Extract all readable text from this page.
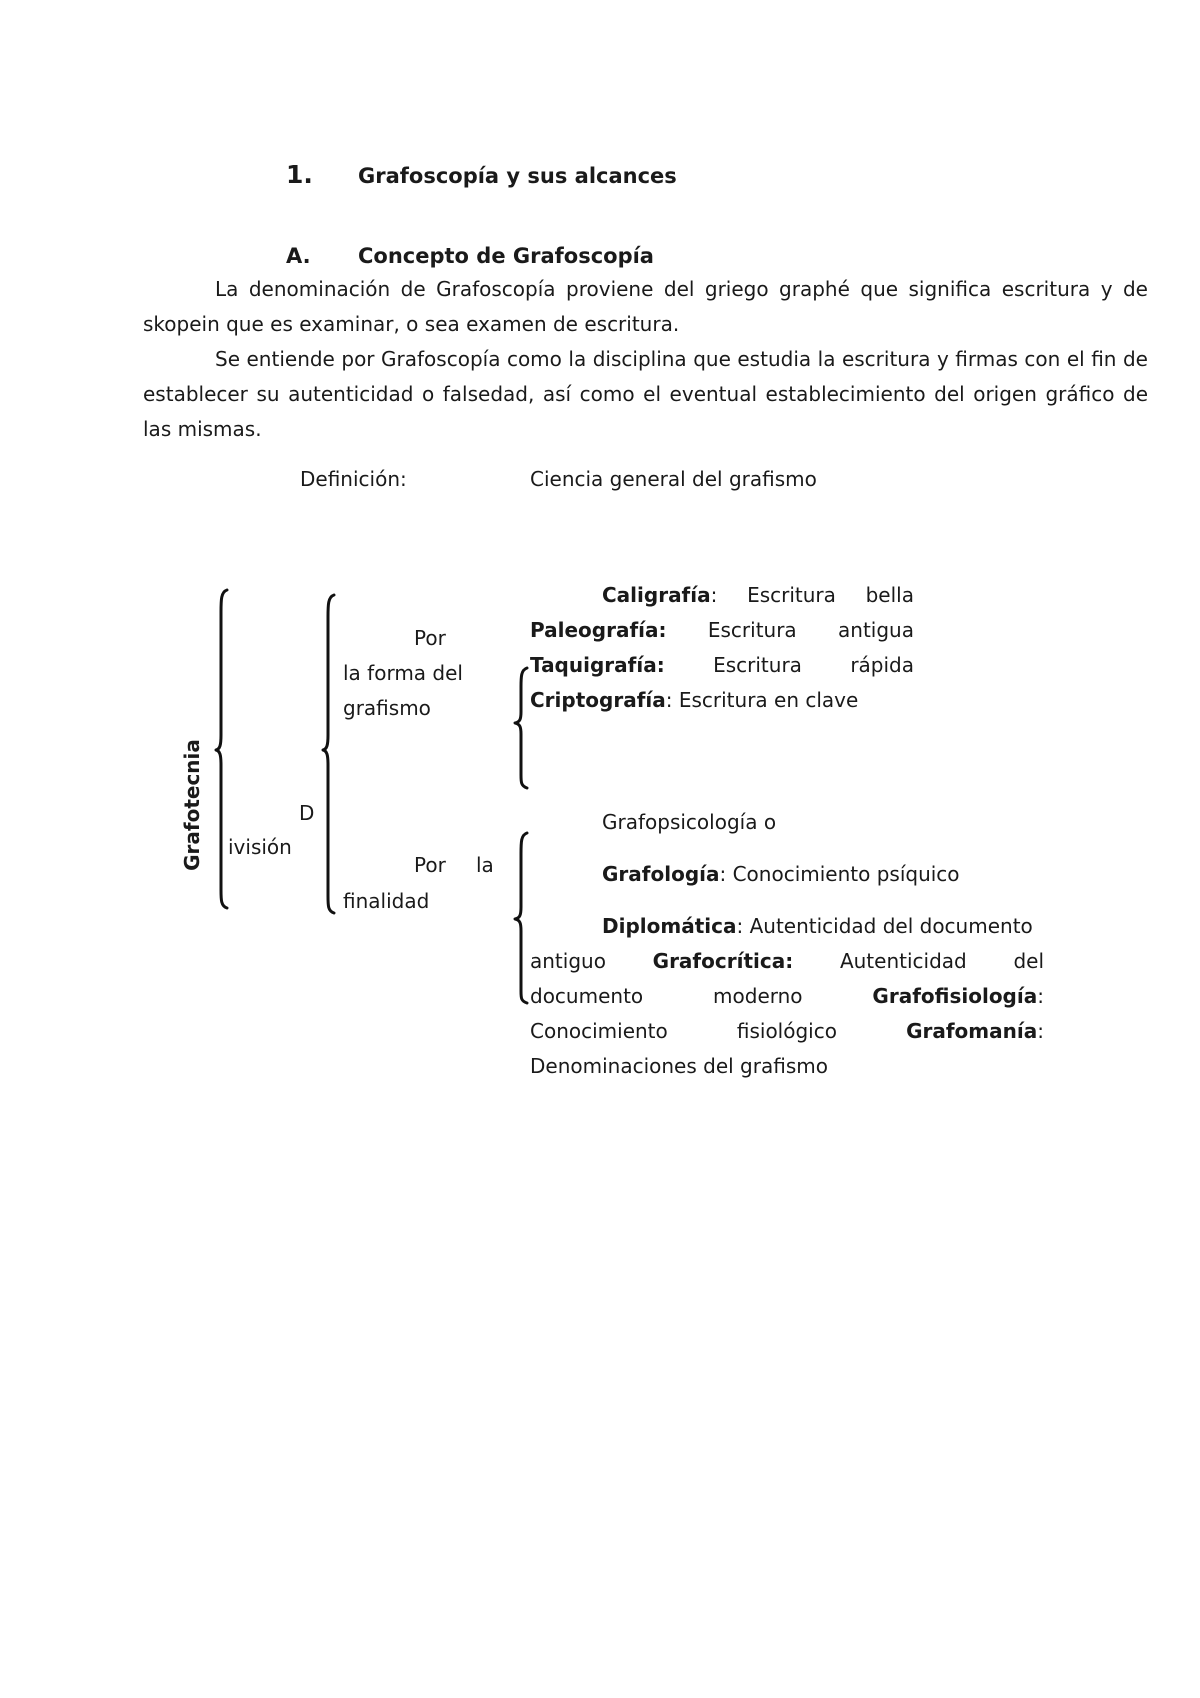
1. Grafoscopía y sus alcances
A. Concepto de Grafoscopía
La denominación de Grafoscopía proviene del griego graphé que significa escritura y de skopein que es examinar, o sea examen de escritura.
Se entiende por Grafoscopía como la disciplina que estudia la escritura y firmas con el fin de establecer su autenticidad o falsedad, así como el eventual establecimiento del origen gráfico de las mismas.
Definición:	Ciencia general del grafismo
Grafotecnia	D
ivisión
Por
la forma del
grafismo
Por la
finalidad
Caligrafía: Escritura bella
Paleografía: Escritura antigua
Taquigrafía: Escritura rápida
Criptografía: Escritura en clave
Grafopsicología o
Grafología: Conocimiento psíquico
Diplomática: Autenticidad del documento
antiguo Grafocrítica: Autenticidad del
documento	moderno	Grafofisiología:
Conocimiento	fisiológico	Grafomanía:
Denominaciones del grafismo
